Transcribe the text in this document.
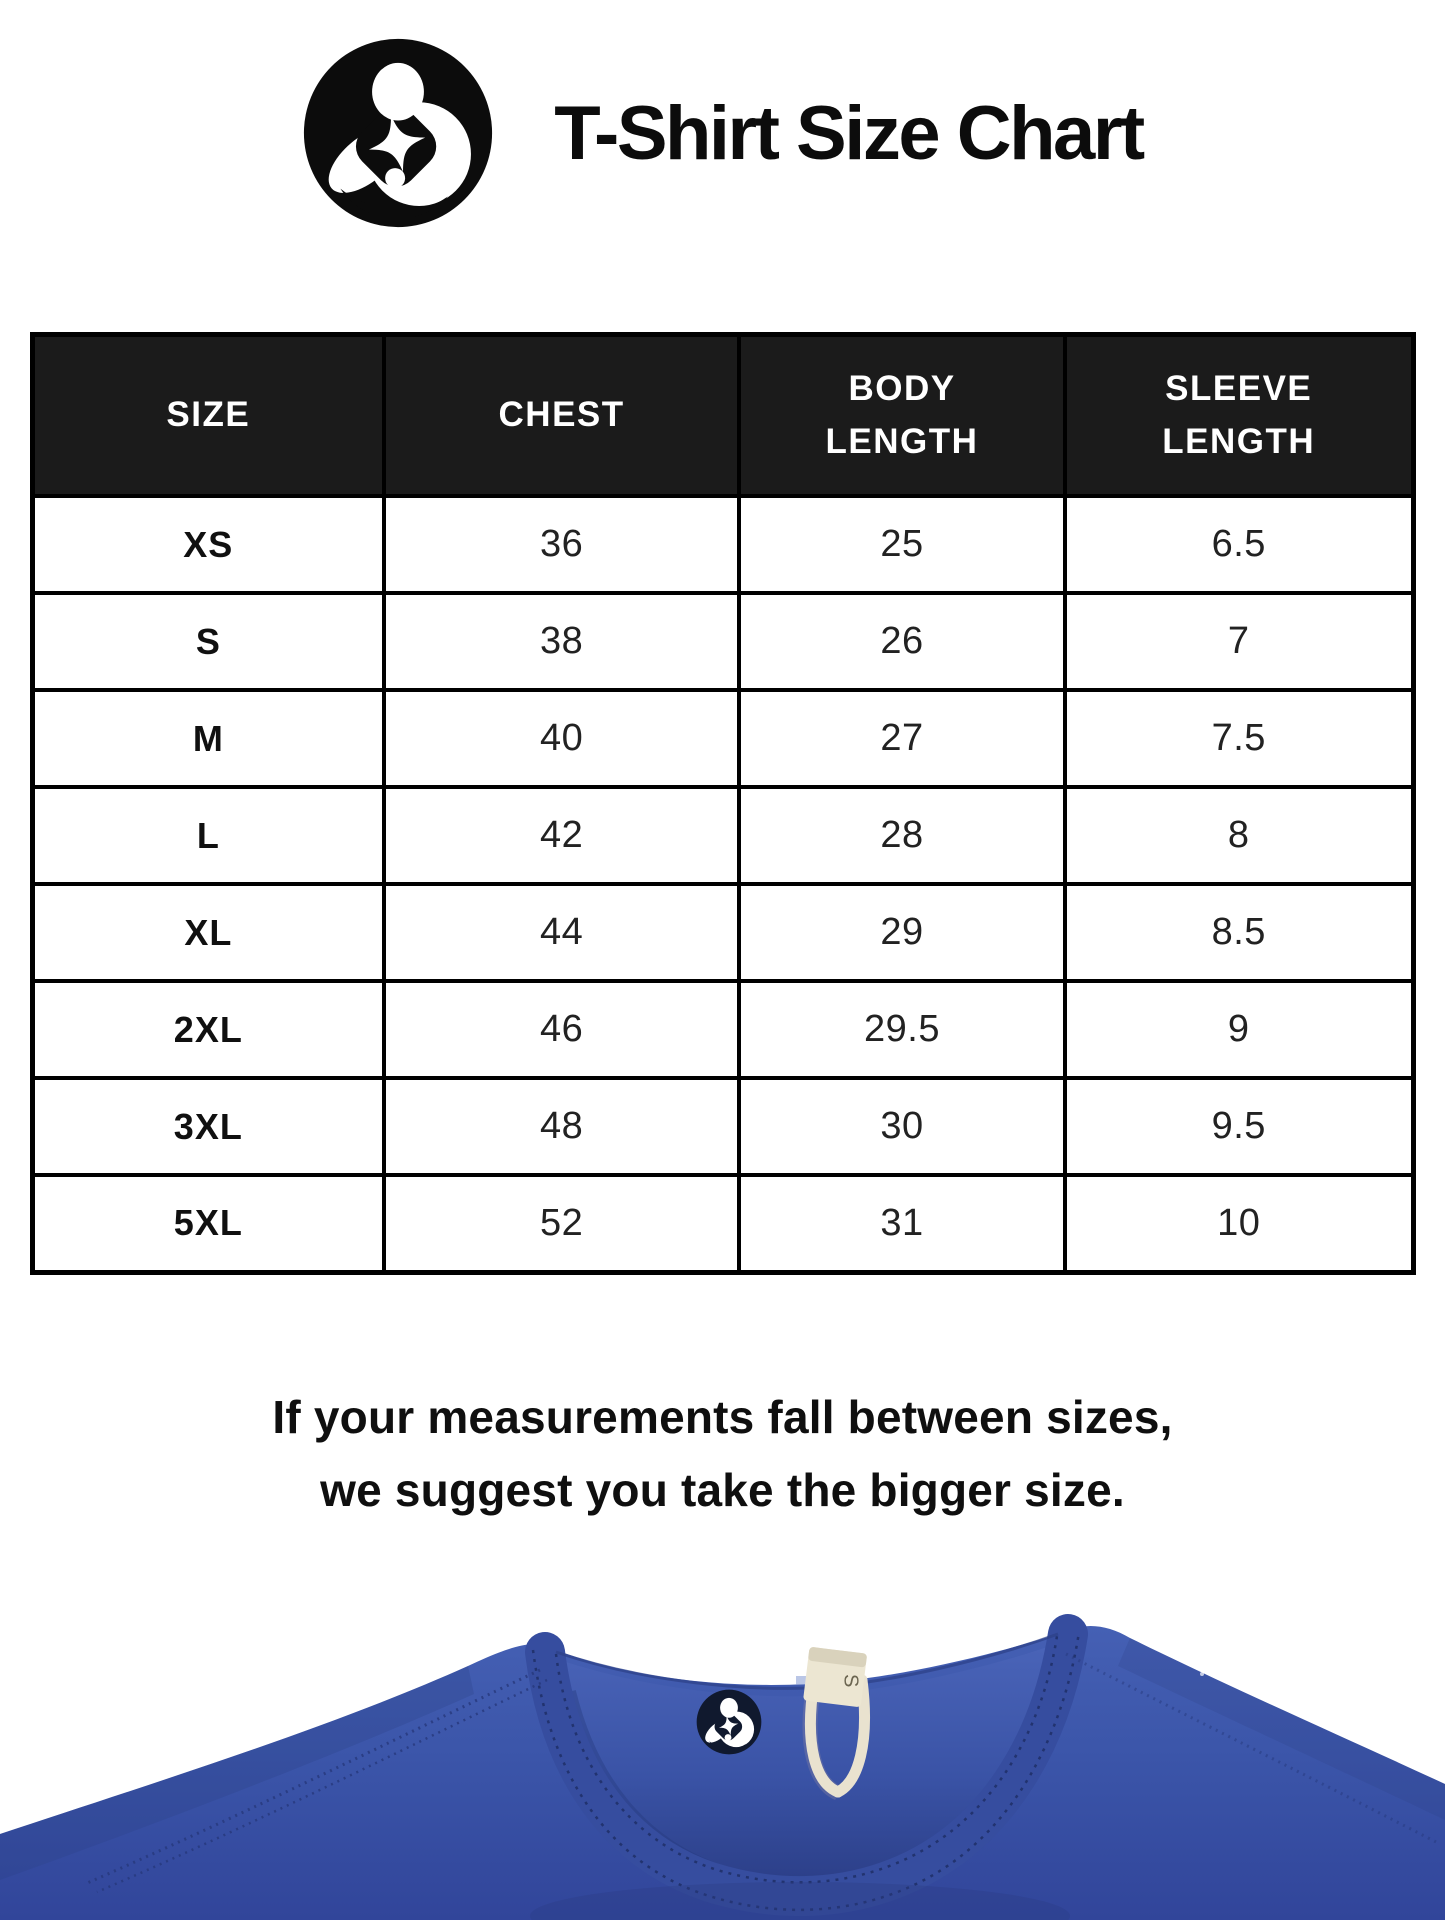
T-Shirt Size Chart
SIZE	CHEST	BODY LENGTH	SLEEVE LENGTH
XS	36	25	6.5
S	38	26	7
M	40	27	7.5
L	42	28	8
XL	44	29	8.5
2XL	46	29.5	9
3XL	48	30	9.5
5XL	52	31	10

If your measurements fall between sizes,
we suggest you take the bigger size.

S
